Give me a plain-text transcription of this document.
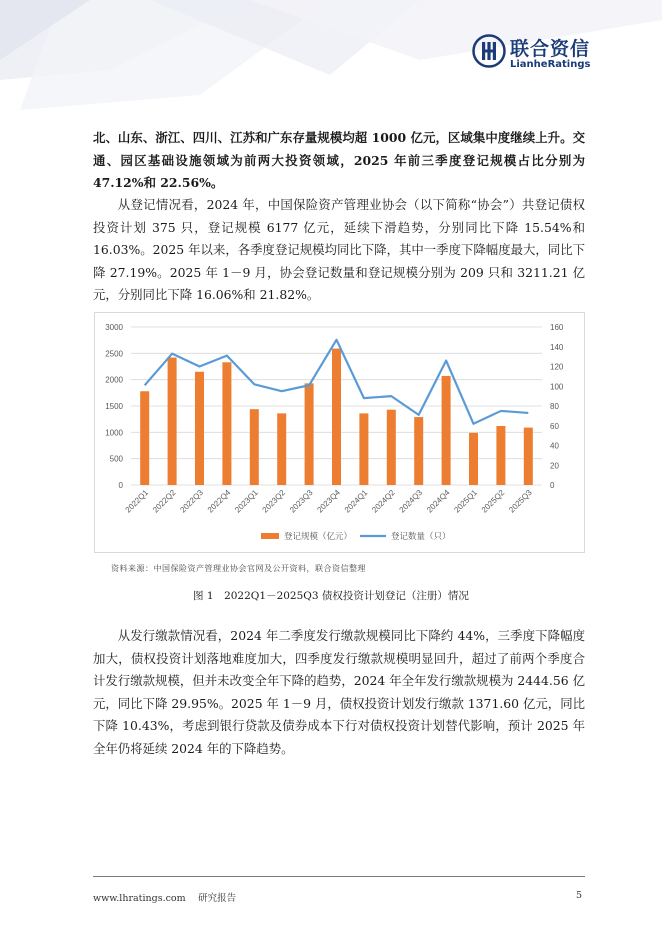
联合资信
LianheRatings

北、山东、浙江、四川、江苏和广东存量规模均超 1000 亿元，区域集中度继续上升。交通、园区基础设施领域为前两大投资领域，2025 年前三季度登记规模占比分别为 47.12%和 22.56%。

从登记情况看，2024 年，中国保险资产管理业协会（以下简称“协会”）共登记债权投资计划 375 只，登记规模 6177 亿元，延续下滑趋势，分别同比下降 15.54%和 16.03%。2025 年以来，各季度登记规模均同比下降，其中一季度下降幅度最大，同比下降 27.19%。2025 年 1－9 月，协会登记数量和登记规模分别为 209 只和 3211.21 亿元，分别同比下降 16.06%和 21.82%。

0
500
1000
1500
2000
2500
3000
0
20
40
60
80
100
120
140
160
2022Q1 2022Q2 2022Q3 2022Q4 2023Q1 2023Q2 2023Q3 2023Q4 2024Q1 2024Q2 2024Q3 2024Q4 2025Q1 2025Q2 2025Q3
登记规模（亿元）	登记数量（只）
资料来源：中国保险资产管理业协会官网及公开资料，联合资信整理
图 1　2022Q1－2025Q3 债权投资计划登记（注册）情况

从发行缴款情况看，2024 年二季度发行缴款规模同比下降约 44%，三季度下降幅度加大，债权投资计划落地难度加大，四季度发行缴款规模明显回升，超过了前两个季度合计发行缴款规模，但并未改变全年下降的趋势，2024 年全年发行缴款规模为 2444.56 亿元，同比下降 29.95%。2025 年 1－9 月，债权投资计划发行缴款 1371.60 亿元，同比下降 10.43%，考虑到银行贷款及债券成本下行对债权投资计划替代影响，预计 2025 年全年仍将延续 2024 年的下降趋势。

www.lhratings.com　 研究报告	5
